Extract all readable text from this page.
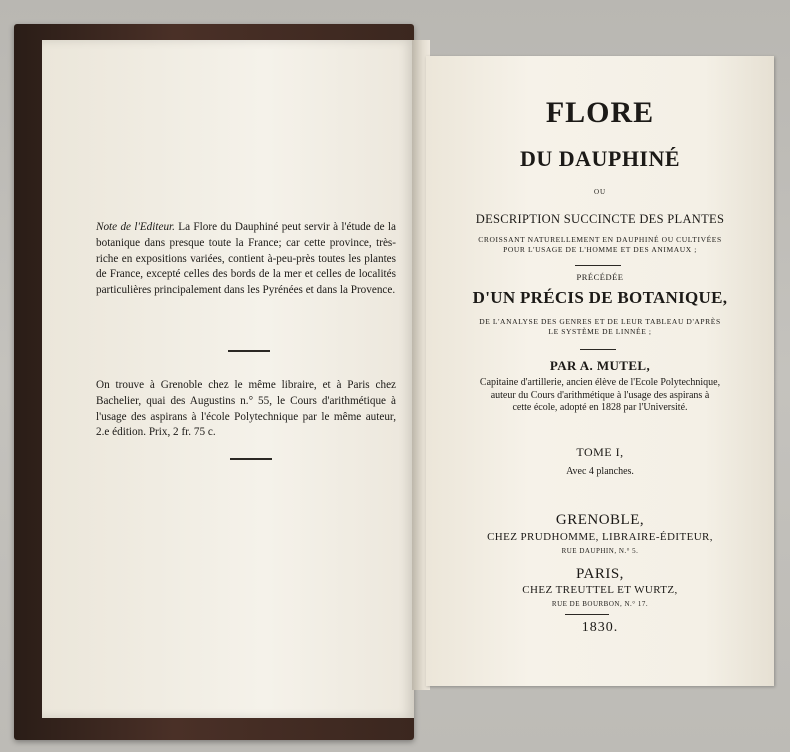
Note de l'Editeur. La Flore du Dauphiné peut servir à l'étude de la botanique dans presque toute la France; car cette province, très-riche en expositions variées, contient à-peu-près toutes les plantes de France, excepté celles des bords de la mer et celles de localités particulières principalement dans les Pyrénées et dans la Provence.
On trouve à Grenoble chez le même libraire, et à Paris chez Bachelier, quai des Augustins n.° 55, le Cours d'arithmétique à l'usage des aspirans à l'école Polytechnique par le même auteur, 2.e édition. Prix, 2 fr. 75 c.
FLORE
DU DAUPHINÉ
OU
DESCRIPTION SUCCINCTE DES PLANTES
CROISSANT NATURELLEMENT EN DAUPHINÉ OU CULTIVÉES
POUR L'USAGE DE L'HOMME ET DES ANIMAUX ;
PRÉCÉDÉE
D'UN PRÉCIS DE BOTANIQUE,
DE L'ANALYSE DES GENRES ET DE LEUR TABLEAU D'APRÈS
LE SYSTÈME DE LINNÉE ;
PAR A. MUTEL,
Capitaine d'artillerie, ancien élève de l'Ecole Polytechnique,
auteur du Cours d'arithmétique à l'usage des aspirans à
cette école, adopté en 1828 par l'Université.
TOME I,
Avec 4 planches.
GRENOBLE,
CHEZ PRUDHOMME, LIBRAIRE-ÉDITEUR,
RUE DAUPHIN, N.° 5.
PARIS,
CHEZ TREUTTEL ET WURTZ,
RUE DE BOURBON, N.° 17.
1830.
